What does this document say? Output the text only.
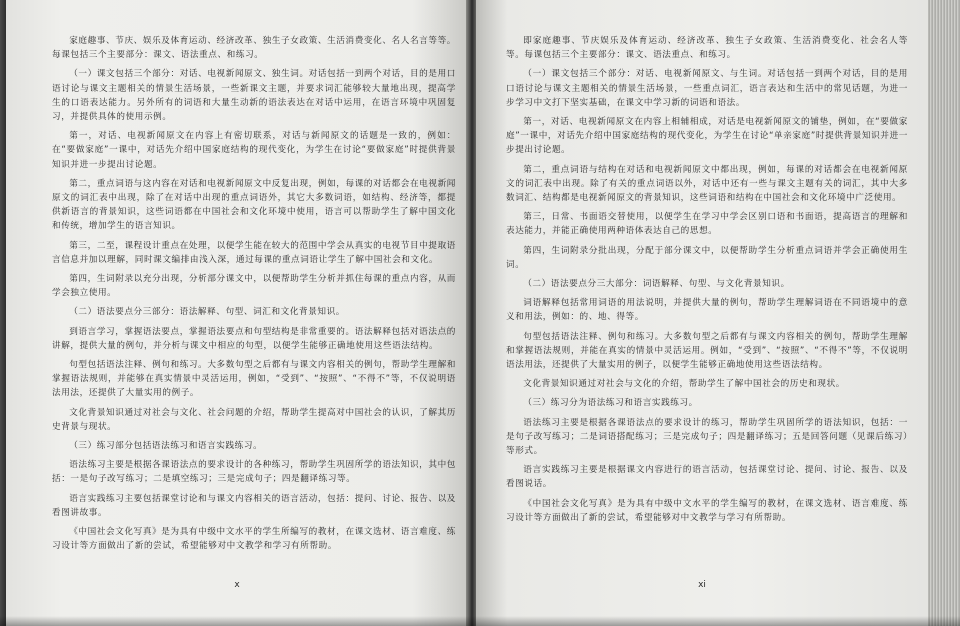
家庭趣事、节庆、娱乐及体育运动、经济改革、独生子女政策、生活消费变化、名人名言等等。每课包括三个主要部分：课文、语法重点、和练习。

（一）课文包括三个部分：对话、电视新闻原文、独生词。对话包括一到两个对话，目的是用口语讨论与课文主题相关的情景生活场景，一些新课文主题，并要求词汇能够较大量地出现，提高学生的口语表达能力。另外所有的词语和大量生动新的语法表达在对话中运用，在语言环境中巩固复习，并提供具体的使用示例。

第一，对话、电视新闻原文在内容上有密切联系，对话与新闻原文的话题是一致的，例如：在“要做家庭”一课中，对话先介绍中国家庭结构的现代变化，为学生在讨论“要做家庭”时提供背景知识并进一步提出讨论题。

第二，重点词语与这内容在对话和电视新闻原文中反复出现，例如，每课的对话都会在电视新闻原文的词汇表中出现，除了在对话中出现的重点词语外，其它大多数词语，如结构、经济等，都提供新语言的背景知识，这些词语都在中国社会和文化环境中使用，语言可以帮助学生了解中国文化和传统，增加学生的语言知识。

第三，二至，课程设计重点在处理，以便学生能在较大的范围中学会从真实的电视节目中提取语言信息并加以理解，同时课文编排由浅入深，通过每课的重点词语让学生了解中国社会和文化。

第四，生词附录以充分出现，分析部分课文中，以便帮助学生分析并抓住每课的重点内容，从而学会独立使用。

（二）语法要点分三部分：语法解释、句型、词汇和文化背景知识。

到语言学习，掌握语法要点，掌握语法要点和句型结构是非常重要的。语法解释包括对语法点的讲解，提供大量的例句，并分析与课文中相应的句型，以便学生能够正确地使用这些语法结构。

句型包括语法注释、例句和练习。大多数句型之后都有与课文内容相关的例句，帮助学生理解和掌握语法规则，并能够在真实情景中灵活运用，例如，“受到”、“按照”、“不得不”等，不仅说明语法用法，还提供了大量实用的例子。

文化背景知识通过对社会与文化、社会问题的介绍，帮助学生提高对中国社会的认识，了解其历史背景与现状。

（三）练习部分包括语法练习和语言实践练习。

语法练习主要是根据各课语法点的要求设计的各种练习，帮助学生巩固所学的语法知识，其中包括：一是句子改写练习；二是填空练习；三是完成句子；四是翻译练习等。

语言实践练习主要包括课堂讨论和与课文内容相关的语言活动，包括：提问、讨论、报告、以及看图讲故事。

《中国社会文化写真》是为具有中级中文水平的学生所编写的教材，在课文选材、语言难度、练习设计等方面做出了新的尝试，希望能够对中文教学和学习有所帮助。

x

即家庭趣事、节庆娱乐及体育运动、经济改革、独生子女政策、生活消费变化、社会名人等等。每课包括三个主要部分：课文、语法重点、和练习。

（一）课文包括三个部分：对话、电视新闻原文、与生词。对话包括一到两个对话，目的是用口语讨论与课文主题相关的情景生活场景，一些重点词汇，语言表达和生活中的常见话题，为进一步学习中文打下坚实基础，在课文中学习新的词语和语法。

第一，对话、电视新闻原文在内容上相辅相成，对话是电视新闻原文的铺垫，例如，在“要做家庭”一课中，对话先介绍中国家庭结构的现代变化，为学生在讨论“单亲家庭”时提供背景知识并进一步提出讨论题。

第二，重点词语与结构在对话和电视新闻原文中都出现，例如，每课的对话都会在电视新闻原文的词汇表中出现。除了有关的重点词语以外，对话中还有一些与课文主题有关的词汇，其中大多数词汇、结构都是电视新闻原文的背景知识，这些词语和结构在中国社会和文化环境中广泛使用。

第三，日常、书面语交替使用，以便学生在学习中学会区别口语和书面语，提高语言的理解和表达能力，并能正确使用两种语体表达自己的思想。

第四，生词附录分批出现，分配于部分课文中，以便帮助学生分析重点词语并学会正确使用生词。

（二）语法要点分三大部分：词语解释、句型、与文化背景知识。

词语解释包括常用词语的用法说明，并提供大量的例句，帮助学生理解词语在不同语境中的意义和用法，例如：的、地、得等。

句型包括语法注释、例句和练习。大多数句型之后都有与课文内容相关的例句，帮助学生理解和掌握语法规则，并能在真实的情景中灵活运用。例如，“受到”、“按照”、“不得不”等，不仅说明语法用法，还提供了大量实用的例子，以便学生能够正确地使用这些语法结构。

文化背景知识通过对社会与文化的介绍，帮助学生了解中国社会的历史和现状。

（三）练习分为语法练习和语言实践练习。

语法练习主要是根据各课语法点的要求设计的练习，帮助学生巩固所学的语法知识，包括：一是句子改写练习；二是词语搭配练习；三是完成句子；四是翻译练习；五是回答问题（见课后练习）等形式。

语言实践练习主要是根据课文内容进行的语言活动，包括课堂讨论、提问、讨论、报告、以及看图说话。

《中国社会文化写真》是为具有中级中文水平的学生编写的教材，在课文选材、语言难度、练习设计等方面做出了新的尝试，希望能够对中文教学与学习有所帮助。

xi
